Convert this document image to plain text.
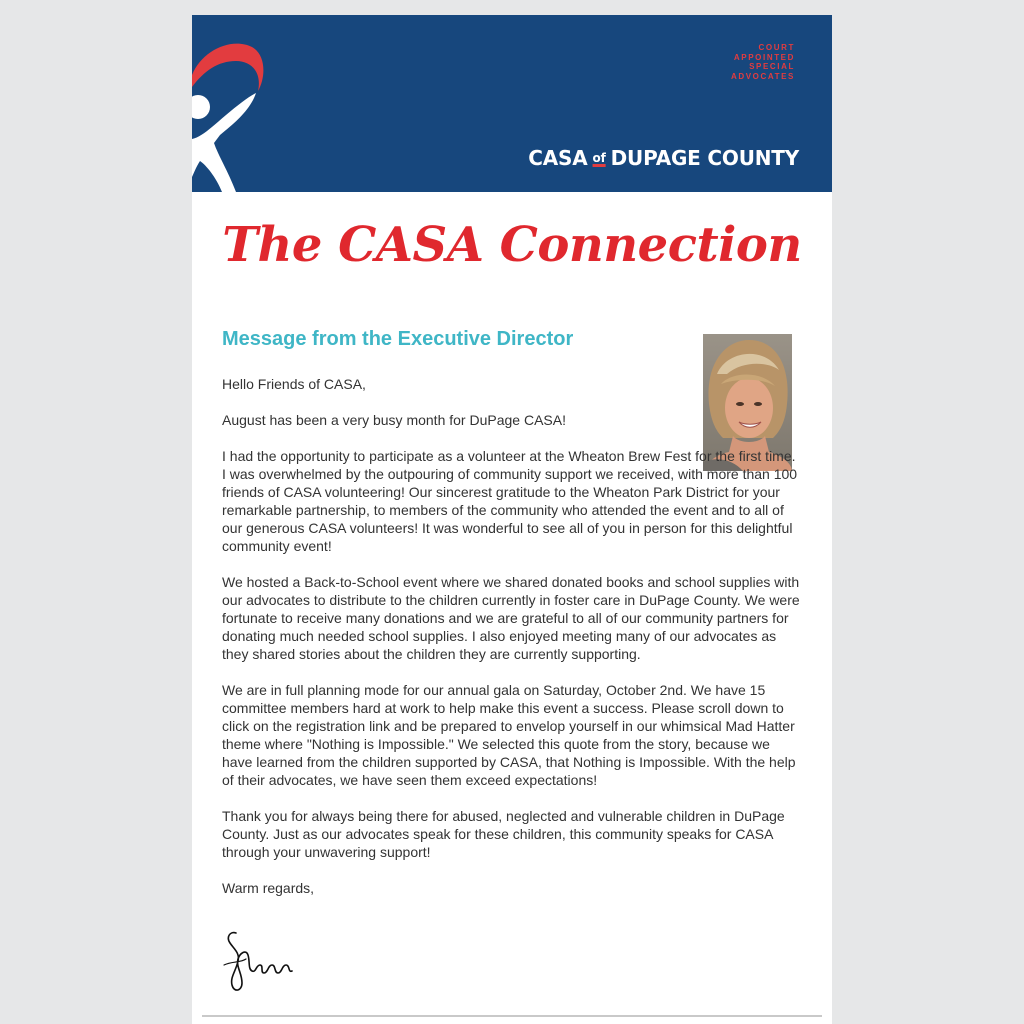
COURT
APPOINTED
SPECIAL
ADVOCATES
CASA of DUPAGE COUNTY
The CASA Connection
Message from the Executive Director

Hello Friends of CASA,

August has been a very busy month for DuPage CASA!

I had the opportunity to participate as a volunteer at the Wheaton Brew Fest for the first time. I was overwhelmed by the outpouring of community support we received, with more than 100 friends of CASA volunteering! Our sincerest gratitude to the Wheaton Park District for your remarkable partnership, to members of the community who attended the event and to all of our generous CASA volunteers! It was wonderful to see all of you in person for this delightful community event!

We hosted a Back-to-School event where we shared donated books and school supplies with our advocates to distribute to the children currently in foster care in DuPage County. We were fortunate to receive many donations and we are grateful to all of our community partners for donating much needed school supplies. I also enjoyed meeting many of our advocates as they shared stories about the children they are currently supporting.

We are in full planning mode for our annual gala on Saturday, October 2nd. We have 15 committee members hard at work to help make this event a success. Please scroll down to click on the registration link and be prepared to envelop yourself in our whimsical Mad Hatter theme where "Nothing is Impossible." We selected this quote from the story, because we have learned from the children supported by CASA, that Nothing is Impossible. With the help of their advocates, we have seen them exceed expectations!

Thank you for always being there for abused, neglected and vulnerable children in DuPage County. Just as our advocates speak for these children, this community speaks for CASA through your unwavering support!

Warm regards,
